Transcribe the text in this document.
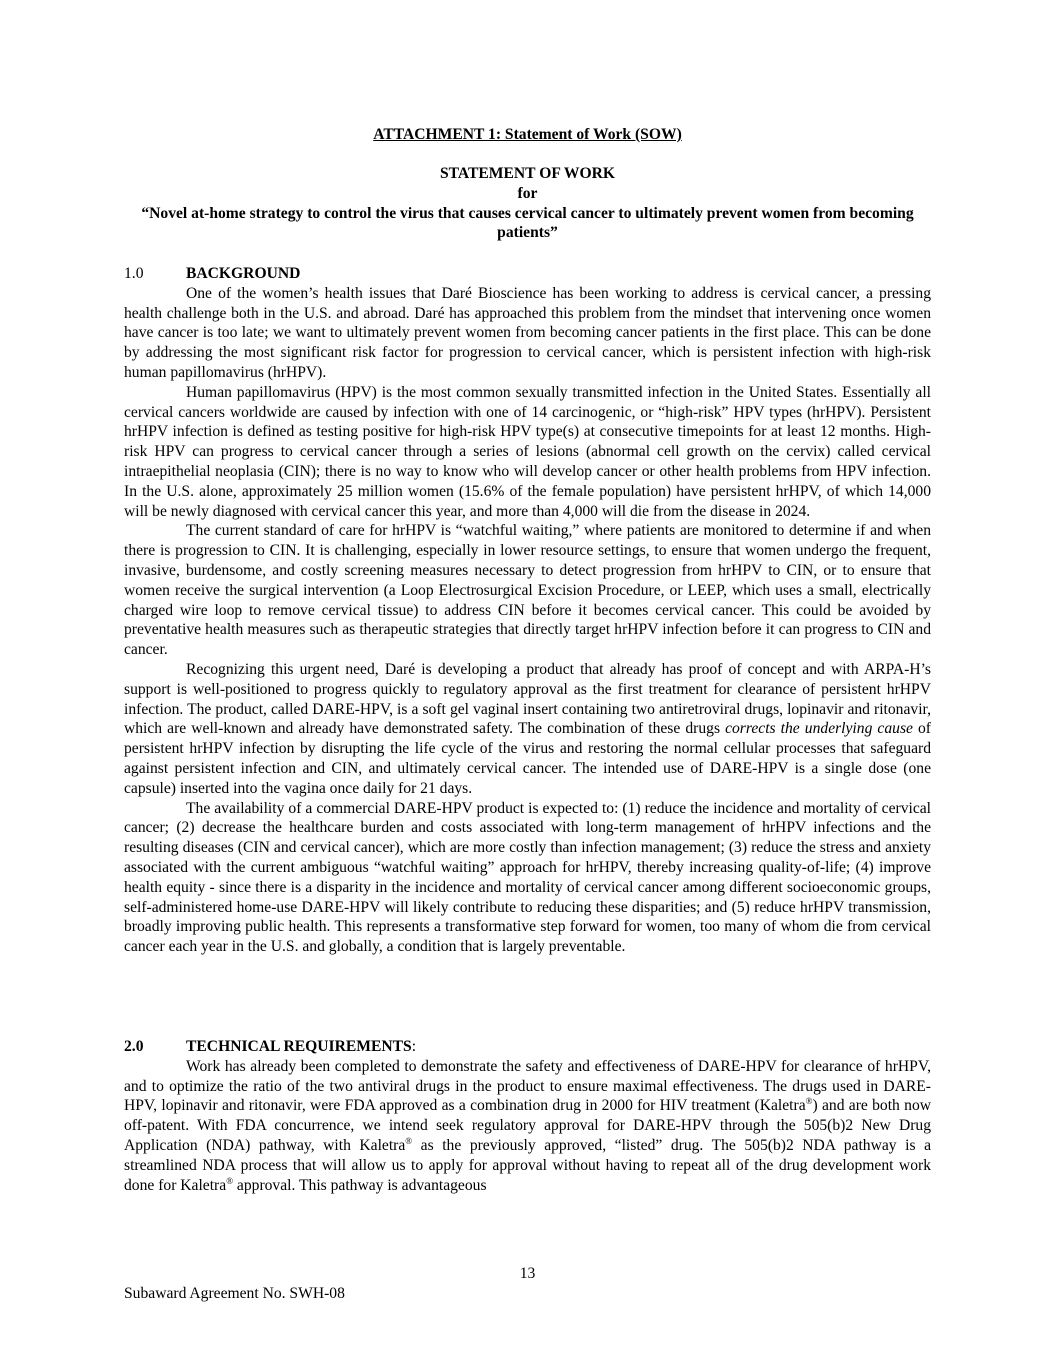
ATTACHMENT 1: Statement of Work (SOW)
STATEMENT OF WORK
for
“Novel at-home strategy to control the virus that causes cervical cancer to ultimately prevent women from becoming patients”
1.0	BACKGROUND

One of the women’s health issues that Daré Bioscience has been working to address is cervical cancer, a pressing health challenge both in the U.S. and abroad. Daré has approached this problem from the mindset that intervening once women have cancer is too late; we want to ultimately prevent women from becoming cancer patients in the first place. This can be done by addressing the most significant risk factor for progression to cervical cancer, which is persistent infection with high-risk human papillomavirus (hrHPV).

Human papillomavirus (HPV) is the most common sexually transmitted infection in the United States. Essentially all cervical cancers worldwide are caused by infection with one of 14 carcinogenic, or “high-risk” HPV types (hrHPV). Persistent hrHPV infection is defined as testing positive for high-risk HPV type(s) at consecutive timepoints for at least 12 months. High-risk HPV can progress to cervical cancer through a series of lesions (abnormal cell growth on the cervix) called cervical intraepithelial neoplasia (CIN); there is no way to know who will develop cancer or other health problems from HPV infection. In the U.S. alone, approximately 25 million women (15.6% of the female population) have persistent hrHPV, of which 14,000 will be newly diagnosed with cervical cancer this year, and more than 4,000 will die from the disease in 2024.

The current standard of care for hrHPV is “watchful waiting,” where patients are monitored to determine if and when there is progression to CIN. It is challenging, especially in lower resource settings, to ensure that women undergo the frequent, invasive, burdensome, and costly screening measures necessary to detect progression from hrHPV to CIN, or to ensure that women receive the surgical intervention (a Loop Electrosurgical Excision Procedure, or LEEP, which uses a small, electrically charged wire loop to remove cervical tissue) to address CIN before it becomes cervical cancer. This could be avoided by preventative health measures such as therapeutic strategies that directly target hrHPV infection before it can progress to CIN and cancer.

Recognizing this urgent need, Daré is developing a product that already has proof of concept and with ARPA-H’s support is well-positioned to progress quickly to regulatory approval as the first treatment for clearance of persistent hrHPV infection. The product, called DARE-HPV, is a soft gel vaginal insert containing two antiretroviral drugs, lopinavir and ritonavir, which are well-known and already have demonstrated safety. The combination of these drugs corrects the underlying cause of persistent hrHPV infection by disrupting the life cycle of the virus and restoring the normal cellular processes that safeguard against persistent infection and CIN, and ultimately cervical cancer. The intended use of DARE-HPV is a single dose (one capsule) inserted into the vagina once daily for 21 days.

The availability of a commercial DARE-HPV product is expected to: (1) reduce the incidence and mortality of cervical cancer; (2) decrease the healthcare burden and costs associated with long-term management of hrHPV infections and the resulting diseases (CIN and cervical cancer), which are more costly than infection management; (3) reduce the stress and anxiety associated with the current ambiguous “watchful waiting” approach for hrHPV, thereby increasing quality-of-life; (4) improve health equity - since there is a disparity in the incidence and mortality of cervical cancer among different socioeconomic groups, self-administered home-use DARE-HPV will likely contribute to reducing these disparities; and (5) reduce hrHPV transmission, broadly improving public health. This represents a transformative step forward for women, too many of whom die from cervical cancer each year in the U.S. and globally, a condition that is largely preventable.

2.0	TECHNICAL REQUIREMENTS:

Work has already been completed to demonstrate the safety and effectiveness of DARE-HPV for clearance of hrHPV, and to optimize the ratio of the two antiviral drugs in the product to ensure maximal effectiveness. The drugs used in DARE-HPV, lopinavir and ritonavir, were FDA approved as a combination drug in 2000 for HIV treatment (Kaletra®) and are both now off-patent. With FDA concurrence, we intend seek regulatory approval for DARE-HPV through the 505(b)2 New Drug Application (NDA) pathway, with Kaletra® as the previously approved, “listed” drug. The 505(b)2 NDA pathway is a streamlined NDA process that will allow us to apply for approval without having to repeat all of the drug development work done for Kaletra® approval. This pathway is advantageous

13
Subaward Agreement No. SWH-08
